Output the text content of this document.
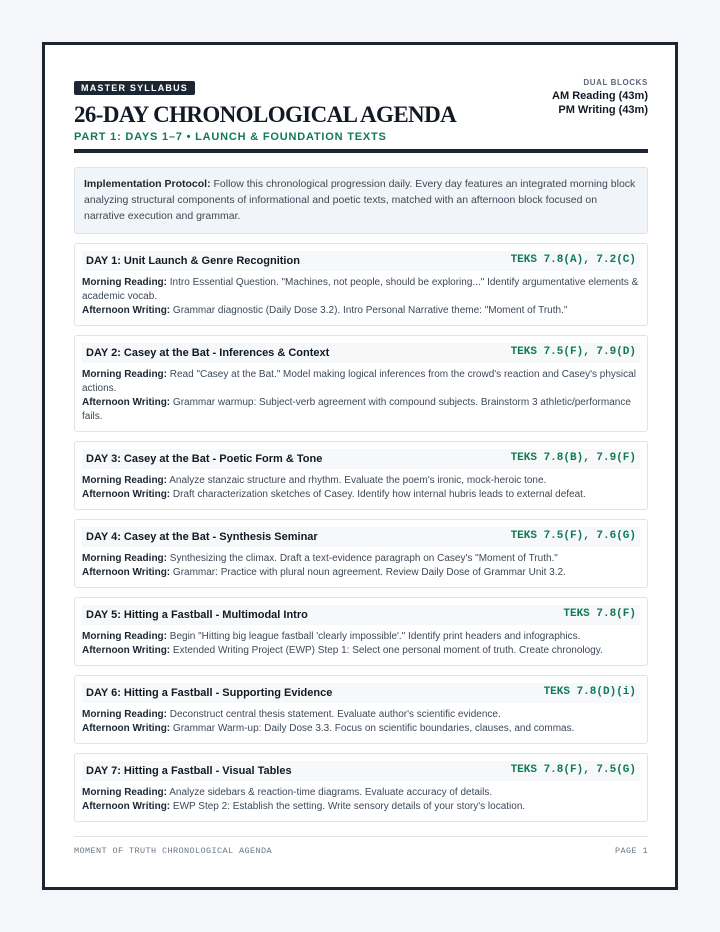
MASTER SYLLABUS
26-DAY CHRONOLOGICAL AGENDA
PART 1: DAYS 1–7 • LAUNCH & FOUNDATION TEXTS
DUAL BLOCKS
AM Reading (43m)
PM Writing (43m)
Implementation Protocol: Follow this chronological progression daily. Every day features an integrated morning block analyzing structural components of informational and poetic texts, matched with an afternoon block focused on narrative execution and grammar.
DAY 1: Unit Launch & Genre Recognition	TEKS 7.8(A), 7.2(C)
Morning Reading: Intro Essential Question. "Machines, not people, should be exploring..." Identify argumentative elements & academic vocab.
Afternoon Writing: Grammar diagnostic (Daily Dose 3.2). Intro Personal Narrative theme: "Moment of Truth."
DAY 2: Casey at the Bat - Inferences & Context	TEKS 7.5(F), 7.9(D)
Morning Reading: Read "Casey at the Bat." Model making logical inferences from the crowd's reaction and Casey's physical actions.
Afternoon Writing: Grammar warmup: Subject-verb agreement with compound subjects. Brainstorm 3 athletic/performance fails.
DAY 3: Casey at the Bat - Poetic Form & Tone	TEKS 7.8(B), 7.9(F)
Morning Reading: Analyze stanzaic structure and rhythm. Evaluate the poem's ironic, mock-heroic tone.
Afternoon Writing: Draft characterization sketches of Casey. Identify how internal hubris leads to external defeat.
DAY 4: Casey at the Bat - Synthesis Seminar	TEKS 7.5(F), 7.6(G)
Morning Reading: Synthesizing the climax. Draft a text-evidence paragraph on Casey's "Moment of Truth."
Afternoon Writing: Grammar: Practice with plural noun agreement. Review Daily Dose of Grammar Unit 3.2.
DAY 5: Hitting a Fastball - Multimodal Intro	TEKS 7.8(F)
Morning Reading: Begin "Hitting big league fastball 'clearly impossible'." Identify print headers and infographics.
Afternoon Writing: Extended Writing Project (EWP) Step 1: Select one personal moment of truth. Create chronology.
DAY 6: Hitting a Fastball - Supporting Evidence	TEKS 7.8(D)(i)
Morning Reading: Deconstruct central thesis statement. Evaluate author's scientific evidence.
Afternoon Writing: Grammar Warm-up: Daily Dose 3.3. Focus on scientific boundaries, clauses, and commas.
DAY 7: Hitting a Fastball - Visual Tables	TEKS 7.8(F), 7.5(G)
Morning Reading: Analyze sidebars & reaction-time diagrams. Evaluate accuracy of details.
Afternoon Writing: EWP Step 2: Establish the setting. Write sensory details of your story's location.
MOMENT OF TRUTH CHRONOLOGICAL AGENDA	PAGE 1
